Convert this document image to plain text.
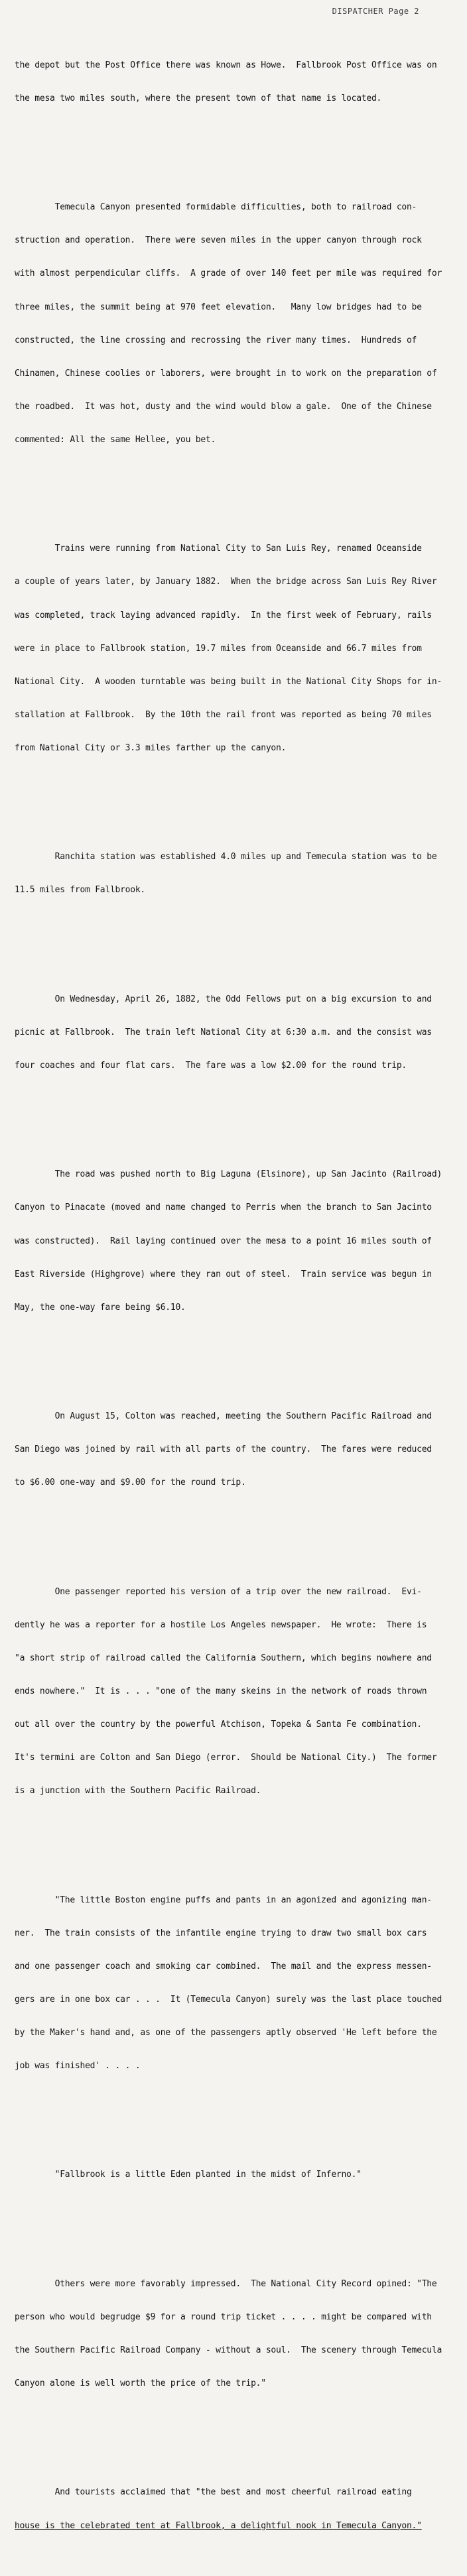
DISPATCHER Page 2

the depot but the Post Office there was known as Howe.  Fallbrook Post Office was on

the mesa two miles south, where the present town of that name is located.

Temecula Canyon presented formidable difficulties, both to railroad con-

struction and operation.  There were seven miles in the upper canyon through rock

with almost perpendicular cliffs.  A grade of over 140 feet per mile was required for

three miles, the summit being at 970 feet elevation.   Many low bridges had to be

constructed, the line crossing and recrossing the river many times.  Hundreds of

Chinamen, Chinese coolies or laborers, were brought in to work on the preparation of

the roadbed.  It was hot, dusty and the wind would blow a gale.  One of the Chinese

commented: All the same Hellee, you bet.

Trains were running from National City to San Luis Rey, renamed Oceanside

a couple of years later, by January 1882.  When the bridge across San Luis Rey River

was completed, track laying advanced rapidly.  In the first week of February, rails

were in place to Fallbrook station, 19.7 miles from Oceanside and 66.7 miles from

National City.  A wooden turntable was being built in the National City Shops for in-

stallation at Fallbrook.  By the 10th the rail front was reported as being 70 miles

from National City or 3.3 miles farther up the canyon.

Ranchita station was established 4.0 miles up and Temecula station was to be

11.5 miles from Fallbrook.

On Wednesday, April 26, 1882, the Odd Fellows put on a big excursion to and

picnic at Fallbrook.  The train left National City at 6:30 a.m. and the consist was

four coaches and four flat cars.  The fare was a low $2.00 for the round trip.

The road was pushed north to Big Laguna (Elsinore), up San Jacinto (Railroad)

Canyon to Pinacate (moved and name changed to Perris when the branch to San Jacinto

was constructed).  Rail laying continued over the mesa to a point 16 miles south of

East Riverside (Highgrove) where they ran out of steel.  Train service was begun in

May, the one-way fare being $6.10.

On August 15, Colton was reached, meeting the Southern Pacific Railroad and

San Diego was joined by rail with all parts of the country.  The fares were reduced

to $6.00 one-way and $9.00 for the round trip.

One passenger reported his version of a trip over the new railroad.  Evi-

dently he was a reporter for a hostile Los Angeles newspaper.  He wrote:  There is

"a short strip of railroad called the California Southern, which begins nowhere and

ends nowhere."  It is . . . "one of the many skeins in the network of roads thrown

out all over the country by the powerful Atchison, Topeka & Santa Fe combination.

It's termini are Colton and San Diego (error.  Should be National City.)  The former

is a junction with the Southern Pacific Railroad.

"The little Boston engine puffs and pants in an agonized and agonizing man-

ner.  The train consists of the infantile engine trying to draw two small box cars

and one passenger coach and smoking car combined.  The mail and the express messen-

gers are in one box car . . .  It (Temecula Canyon) surely was the last place touched

by the Maker's hand and, as one of the passengers aptly observed 'He left before the

job was finished' . . . .

"Fallbrook is a little Eden planted in the midst of Inferno."

Others were more favorably impressed.  The National City Record opined: "The

person who would begrudge $9 for a round trip ticket . . . . might be compared with

the Southern Pacific Railroad Company - without a soul.  The scenery through Temecula

Canyon alone is well worth the price of the trip."

And tourists acclaimed that "the best and most cheerful railroad eating

house is the celebrated tent at Fallbrook, a delightful nook in Temecula Canyon."
